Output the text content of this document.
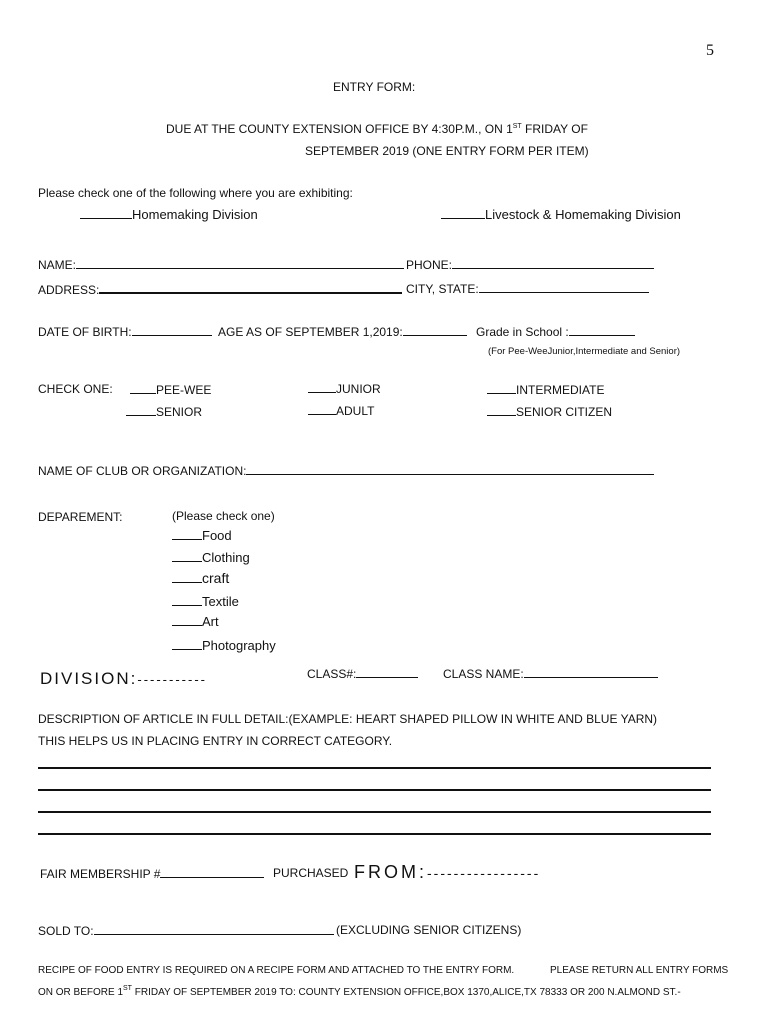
5
ENTRY FORM:
DUE AT THE COUNTY EXTENSION OFFICE BY 4:30P.M., ON 1ST FRIDAY OF
SEPTEMBER 2019 (ONE ENTRY FORM PER ITEM)
Please check one of the following where you are exhibiting:
Homemaking Division	Livestock & Homemaking Division
NAME:	PHONE:
ADDRESS:	CITY, STATE:
DATE OF BIRTH:	AGE AS OF SEPTEMBER 1,2019:	Grade in School :
(For Pee-WeeJunior,Intermediate and Senior)
CHECK ONE:	PEE-WEE	JUNIOR	INTERMEDIATE
SENIOR	ADULT	SENIOR CITIZEN
NAME OF CLUB OR ORGANIZATION:
DEPAREMENT:	(Please check one)
Food
Clothing
craft
Textile
Art
Photography
DIVISION:-----------	CLASS#:	CLASS NAME:
DESCRIPTION OF ARTICLE IN FULL DETAIL:(EXAMPLE: HEART SHAPED PILLOW IN WHITE AND BLUE YARN)
THIS HELPS US IN PLACING ENTRY IN CORRECT CATEGORY.
FAIR MEMBERSHIP #	PURCHASED FROM:-----------------
SOLD TO:	(EXCLUDING SENIOR CITIZENS)
RECIPE OF FOOD ENTRY IS REQUIRED ON A RECIPE FORM AND ATTACHED TO THE ENTRY FORM.	PLEASE RETURN ALL ENTRY FORMS
ON OR BEFORE 1ST FRIDAY OF SEPTEMBER 2019 TO: COUNTY EXTENSION OFFICE,BOX 1370,ALICE,TX 78333 OR 200 N.ALMOND ST.-
